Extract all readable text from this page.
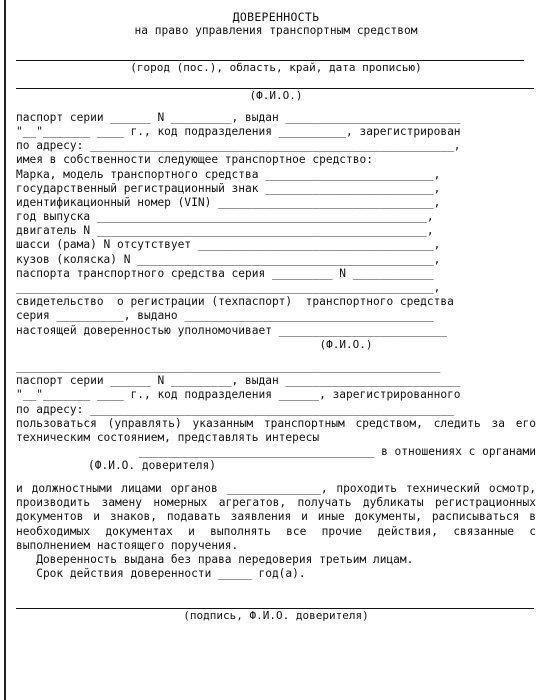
ДОВЕРЕННОСТЬ
на право управления транспортным средством
(город (пос.), область, край, дата прописью)
(Ф.И.О.)
паспорт серии ______ N _________, выдан __________________________
"__"_______ ____ г., код подразделения __________, зарегистрирован
по адресу: ______________________________________________________,
имея в собственности следующее транспортное средство:
Марка, модель транспортного средства _________________________,
государственный регистрационный знак _________________________,
идентификационный номер (VIN) ________________________________,
год выпуска _________________________________________________,
двигатель N _________________________________________________,
шасси (рама) N отсутствует ___________________________________,
кузов (коляска) N ____________________________________________,
паспорта транспортного средства серия _________ N ____________
______________________________________________________________,
свидетельство  о регистрации (техпаспорт)  транспортного средства
серия __________, выдано _____________________________________
настоящей доверенностью уполномочивает _________________________
(Ф.И.О.)
_______________________________________________________________
паспорт серии ______ N _________, выдан __________________________
"__"_______ ____ г., код подразделения ______, зарегистрированного
по адресу: ______________________________________________________
пользоваться (управлять) указанным транспортным средством, следить за его техническим состоянием, представлять интересы
___________________________________ в отношениях с органами
(Ф.И.О. доверителя)
и должностными лицами органов ______________, проходить технический осмотр, производить замену номерных агрегатов, получать дубликаты регистрационных документов и знаков, подавать заявления и иные документы, расписываться в необходимых документах и выполнять все прочие действия, связанные с выполнением настоящего поручения.
Доверенность выдана без права передоверия третьим лицам.
Срок действия доверенности _____ год(а).
(подпись, Ф.И.О. доверителя)
